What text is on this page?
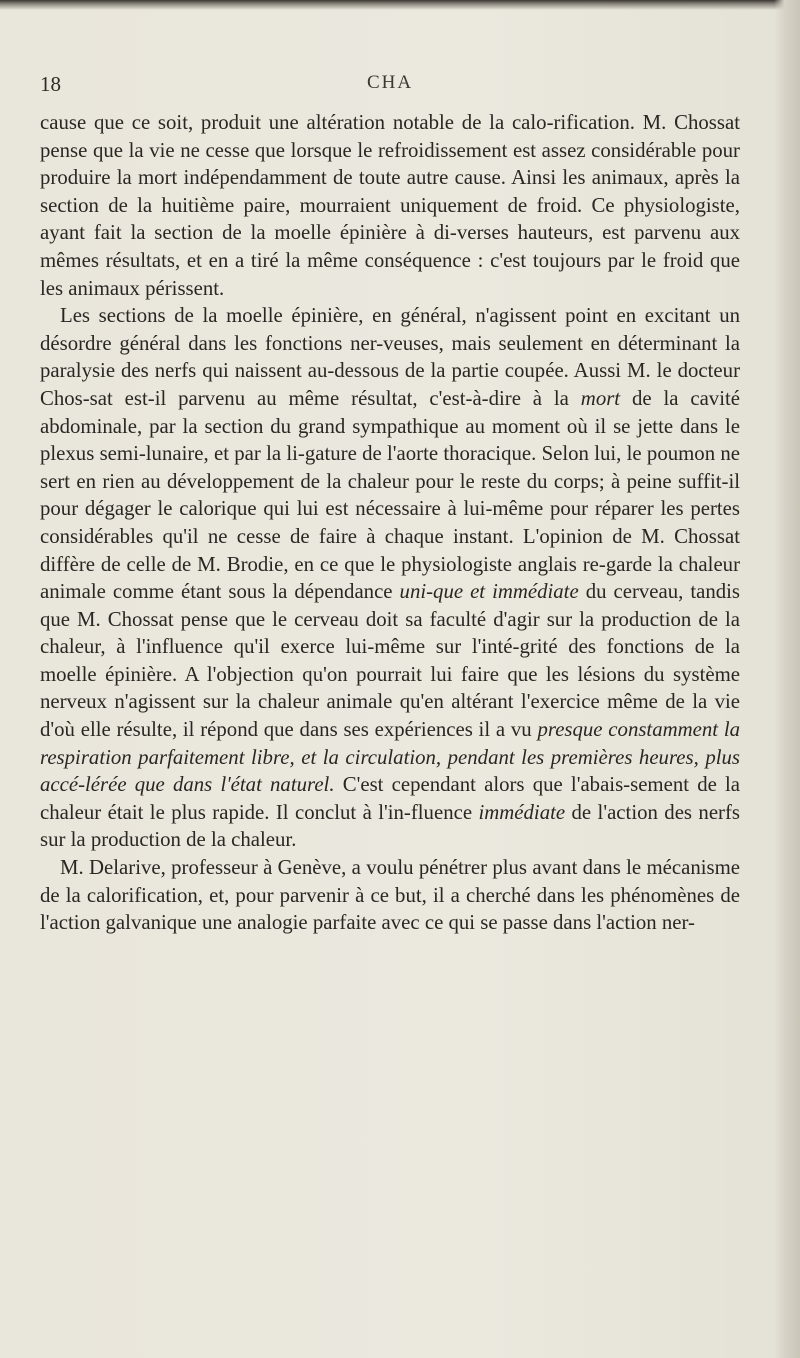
18	CHA

cause que ce soit, produit une altération notable de la calo-rification. M. Chossat pense que la vie ne cesse que lorsque le refroidissement est assez considérable pour produire la mort indépendamment de toute autre cause. Ainsi les animaux, après la section de la huitième paire, mourraient uniquement de froid. Ce physiologiste, ayant fait la section de la moelle épinière à di-verses hauteurs, est parvenu aux mêmes résultats, et en a tiré la même conséquence : c'est toujours par le froid que les animaux périssent.

Les sections de la moelle épinière, en général, n'agissent point en excitant un désordre général dans les fonctions ner-veuses, mais seulement en déterminant la paralysie des nerfs qui naissent au-dessous de la partie coupée. Aussi M. le docteur Chos-sat est-il parvenu au même résultat, c'est-à-dire à la mort de la cavité abdominale, par la section du grand sympathique au moment où il se jette dans le plexus semi-lunaire, et par la li-gature de l'aorte thoracique. Selon lui, le poumon ne sert en rien au développement de la chaleur pour le reste du corps; à peine suffit-il pour dégager le calorique qui lui est nécessaire à lui-même pour réparer les pertes considérables qu'il ne cesse de faire à chaque instant. L'opinion de M. Chossat diffère de celle de M. Brodie, en ce que le physiologiste anglais re-garde la chaleur animale comme étant sous la dépendance uni-que et immédiate du cerveau, tandis que M. Chossat pense que le cerveau doit sa faculté d'agir sur la production de la chaleur, à l'influence qu'il exerce lui-même sur l'inté-grité des fonctions de la moelle épinière. A l'objection qu'on pourrait lui faire que les lésions du système nerveux n'agissent sur la chaleur animale qu'en altérant l'exercice même de la vie d'où elle résulte, il répond que dans ses expériences il a vu presque constamment la respiration parfaitement libre, et la circulation, pendant les premières heures, plus accé-lérée que dans l'état naturel. C'est cependant alors que l'abais-sement de la chaleur était le plus rapide. Il conclut à l'in-fluence immédiate de l'action des nerfs sur la production de la chaleur.

M. Delarive, professeur à Genève, a voulu pénétrer plus avant dans le mécanisme de la calorification, et, pour parvenir à ce but, il a cherché dans les phénomènes de l'action galvanique une analogie parfaite avec ce qui se passe dans l'action ner-
